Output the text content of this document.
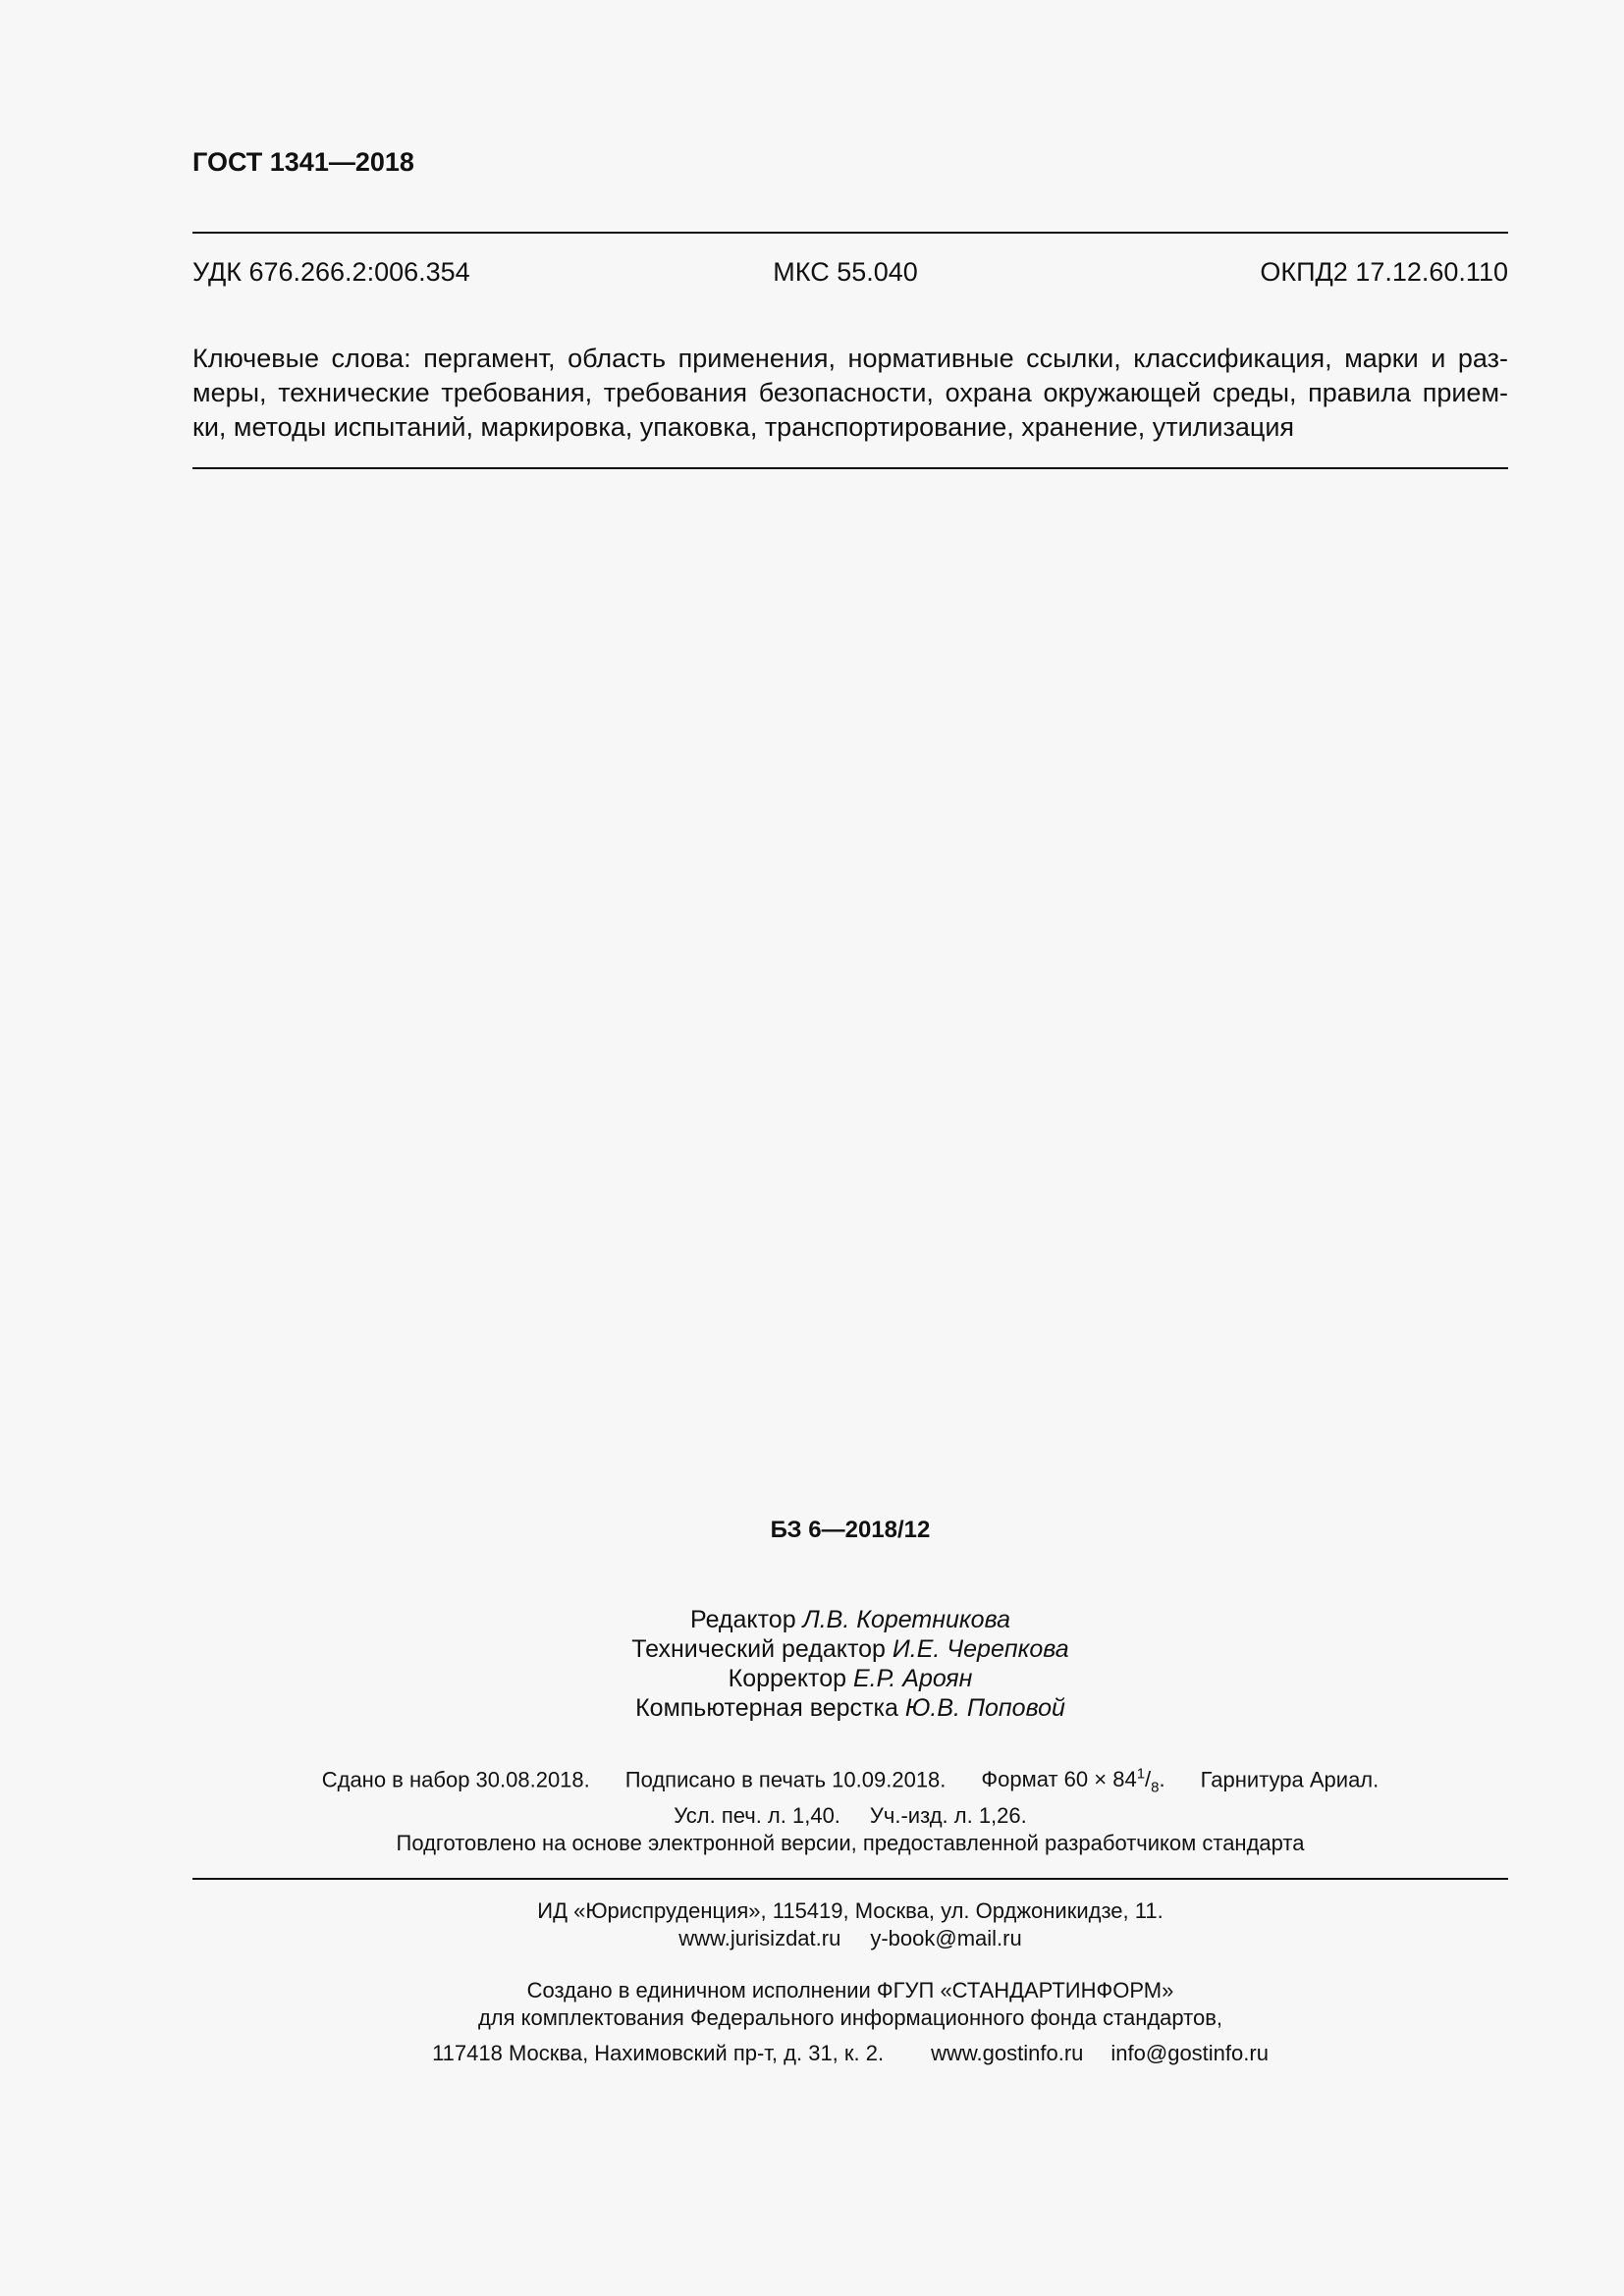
ГОСТ 1341—2018
УДК 676.266.2:006.354	МКС 55.040	ОКПД2 17.12.60.110
Ключевые слова: пергамент, область применения, нормативные ссылки, классификация, марки и раз-
меры, технические требования, требования безопасности, охрана окружающей среды, правила прием-
ки, методы испытаний, маркировка, упаковка, транспортирование, хранение, утилизация
БЗ 6—2018/12
Редактор Л.В. Коретникова
Технический редактор И.Е. Черепкова
Корректор Е.Р. Ароян
Компьютерная верстка Ю.В. Поповой
Сдано в набор 30.08.2018. Подписано в печать 10.09.2018. Формат $60 \times 84^1/_8$. Гарнитура Ариал.
Усл. печ. л. 1,40. Уч.-изд. л. 1,26.
Подготовлено на основе электронной версии, предоставленной разработчиком стандарта
ИД «Юриспруденция», 115419, Москва, ул. Орджоникидзе, 11.
www.jurisizdat.ru y-book@mail.ru
Создано в единичном исполнении ФГУП «СТАНДАРТИНФОРМ»
для комплектования Федерального информационного фонда стандартов,
117418 Москва, Нахимовский пр-т, д. 31, к. 2. www.gostinfo.ru info@gostinfo.ru
